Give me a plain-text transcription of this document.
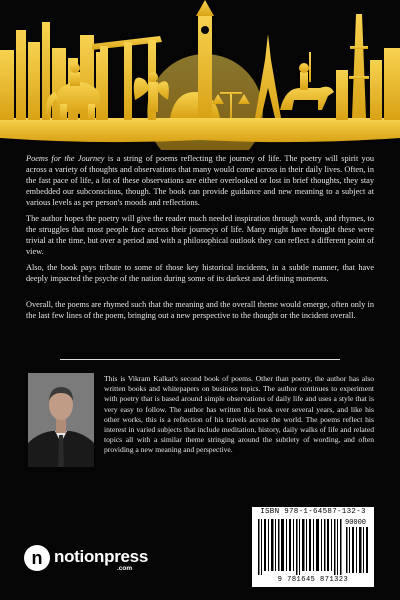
Poems for the Journey is a string of poems reflecting the journey of life. The poetry will spirit you across a variety of thoughts and observations that many would come across in their daily lives. Often, in the fast pace of life, a lot of these observations are either overlooked or lost in brief thoughts, they stay embedded our subconscious, though. The book can provide guidance and new meaning to a subject at various levels as per person's moods and reflections.

The author hopes the poetry will give the reader much needed inspiration through words, and rhymes, to the struggles that most people face across their journeys of life. Many might have thought these were trivial at the time, but over a period and with a philosophical outlook they can reflect a different point of view.

Also, the book pays tribute to some of those key historical incidents, in a subtle manner, that have deeply impacted the psyche of the nation during some of its darkest and defining moments.

Overall, the poems are rhymed such that the meaning and the overall theme would emerge, often only in the last few lines of the poem, bringing out a new perspective to the thought or the incident overall.

This is Vikram Kalkat's second book of poems. Other than poetry, the author has also written books and whitepapers on business topics. The author continues to experiment with poetry that is based around simple observations of daily life and uses a style that is very easy to follow. The author has written this book over several years, and like his other works, this is a reflection of his travels across the world. The poems reflect his interest in varied subjects that include meditation, history, daily walks of life and related topics all with a similar theme stringing around the subtlety of wording, and often providing a new meaning and perspective.

ISBN 978-1-64587-132-3
90000
9 781645 871323
n notionpress
.com
